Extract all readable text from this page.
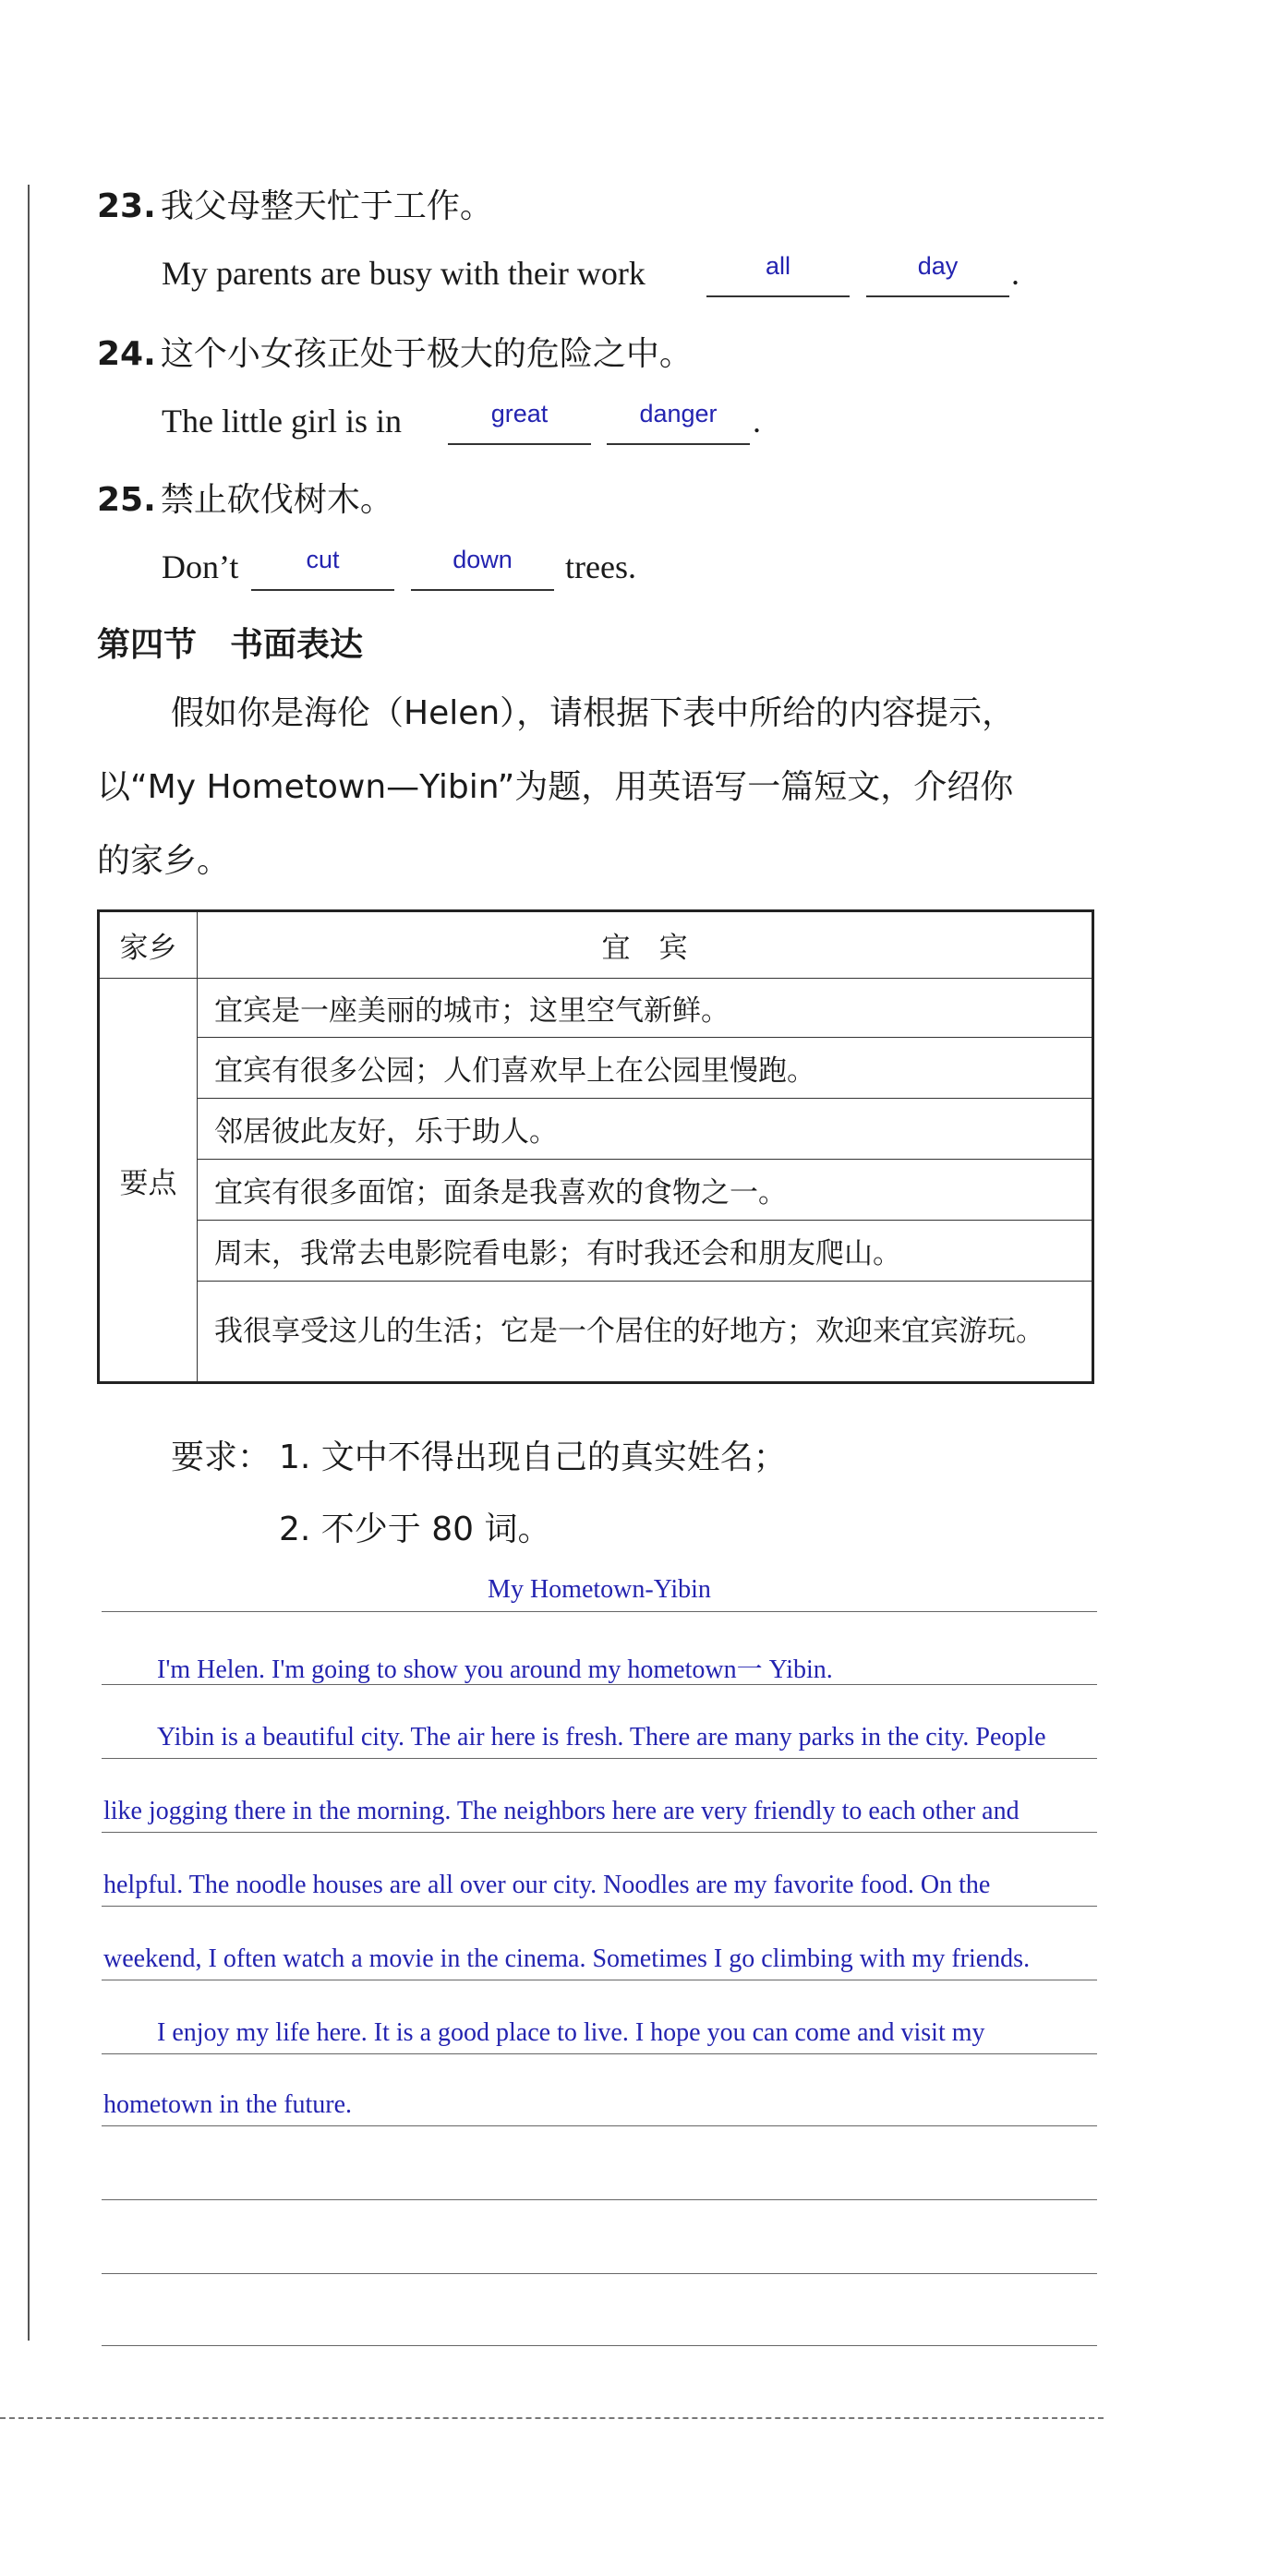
23. 我父母整天忙于工作。
My parents are busy with their work	all	day	.
24. 这个小女孩正处于极大的危险之中。
The little girl is in	great	danger	.
25. 禁止砍伐树木。
Don’t	cut	down	trees.
第四节　书面表达
假如你是海伦（Helen），请根据下表中所给的内容提示，
以“My Hometown—Yibin”为题，用英语写一篇短文，介绍你
的家乡。
家乡	宜　宾
要点	宜宾是一座美丽的城市；这里空气新鲜。
	宜宾有很多公园；人们喜欢早上在公园里慢跑。
	邻居彼此友好，乐于助人。
	宜宾有很多面馆；面条是我喜欢的食物之一。
	周末，我常去电影院看电影；有时我还会和朋友爬山。
	我很享受这儿的生活；它是一个居住的好地方；欢迎来宜宾游玩。
要求： 1. 文中不得出现自己的真实姓名；
2. 不少于 80 词。
My Hometown-Yibin
I'm Helen. I'm going to show you around my hometown一 Yibin.
Yibin is a beautiful city. The air here is fresh. There are many parks in the city. People
like jogging there in the morning. The neighbors here are very friendly to each other and
helpful. The noodle houses are all over our city. Noodles are my favorite food. On the
weekend, I often watch a movie in the cinema. Sometimes I go climbing with my friends.
I enjoy my life here. It is a good place to live. I hope you can come and visit my
hometown in the future.
